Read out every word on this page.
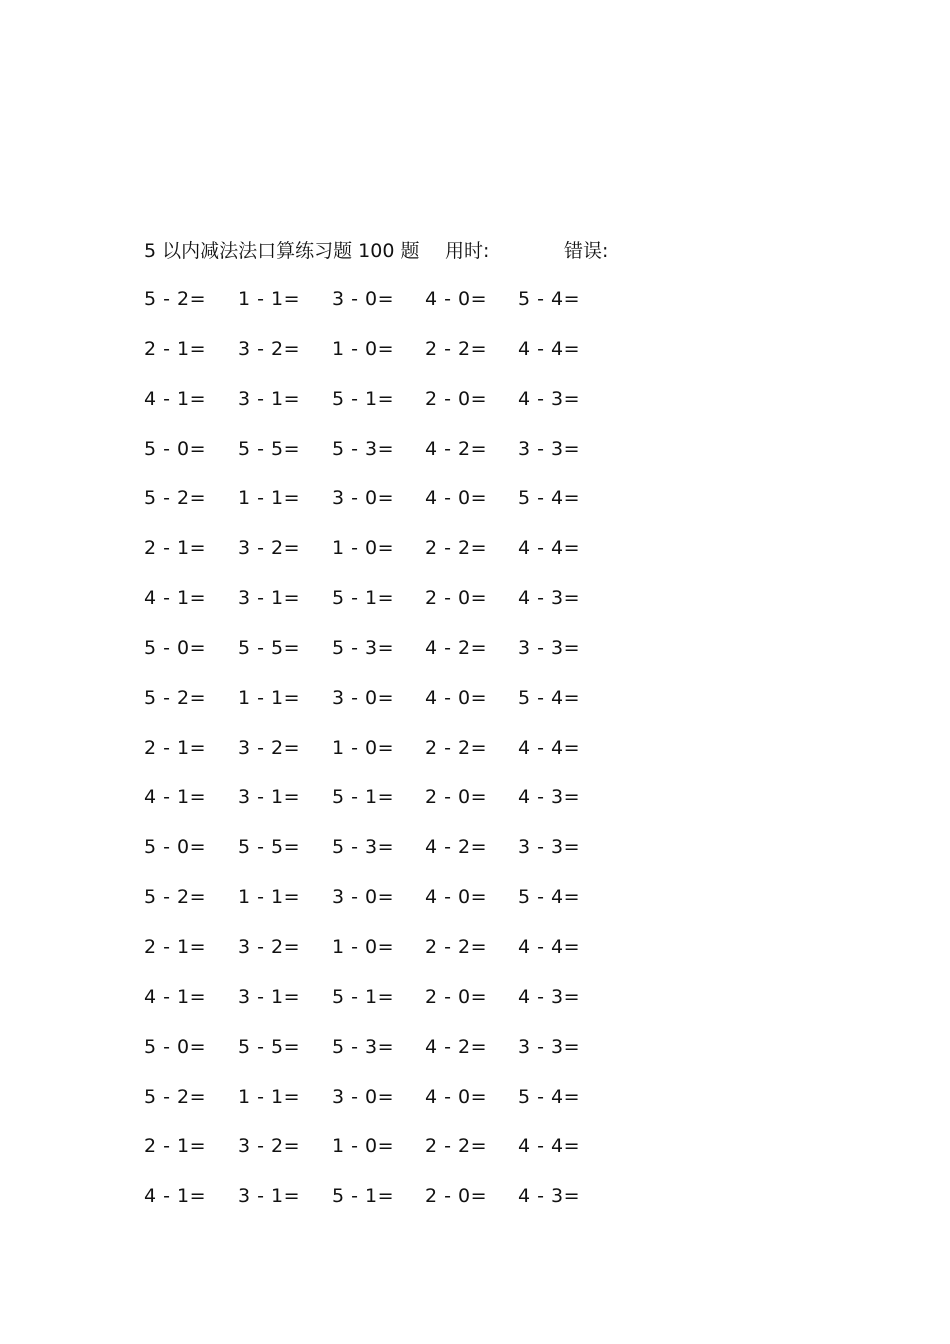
5 以内减法法口算练习题 100 题 用时:	错误:
5 - 2= 1 - 1= 3 - 0= 4 - 0= 5 - 4=
2 - 1= 3 - 2= 1 - 0= 2 - 2= 4 - 4=
4 - 1= 3 - 1= 5 - 1= 2 - 0= 4 - 3=
5 - 0= 5 - 5= 5 - 3= 4 - 2= 3 - 3=
5 - 2= 1 - 1= 3 - 0= 4 - 0= 5 - 4=
2 - 1= 3 - 2= 1 - 0= 2 - 2= 4 - 4=
4 - 1= 3 - 1= 5 - 1= 2 - 0= 4 - 3=
5 - 0= 5 - 5= 5 - 3= 4 - 2= 3 - 3=
5 - 2= 1 - 1= 3 - 0= 4 - 0= 5 - 4=
2 - 1= 3 - 2= 1 - 0= 2 - 2= 4 - 4=
4 - 1= 3 - 1= 5 - 1= 2 - 0= 4 - 3=
5 - 0= 5 - 5= 5 - 3= 4 - 2= 3 - 3=
5 - 2= 1 - 1= 3 - 0= 4 - 0= 5 - 4=
2 - 1= 3 - 2= 1 - 0= 2 - 2= 4 - 4=
4 - 1= 3 - 1= 5 - 1= 2 - 0= 4 - 3=
5 - 0= 5 - 5= 5 - 3= 4 - 2= 3 - 3=
5 - 2= 1 - 1= 3 - 0= 4 - 0= 5 - 4=
2 - 1= 3 - 2= 1 - 0= 2 - 2= 4 - 4=
4 - 1= 3 - 1= 5 - 1= 2 - 0= 4 - 3=
